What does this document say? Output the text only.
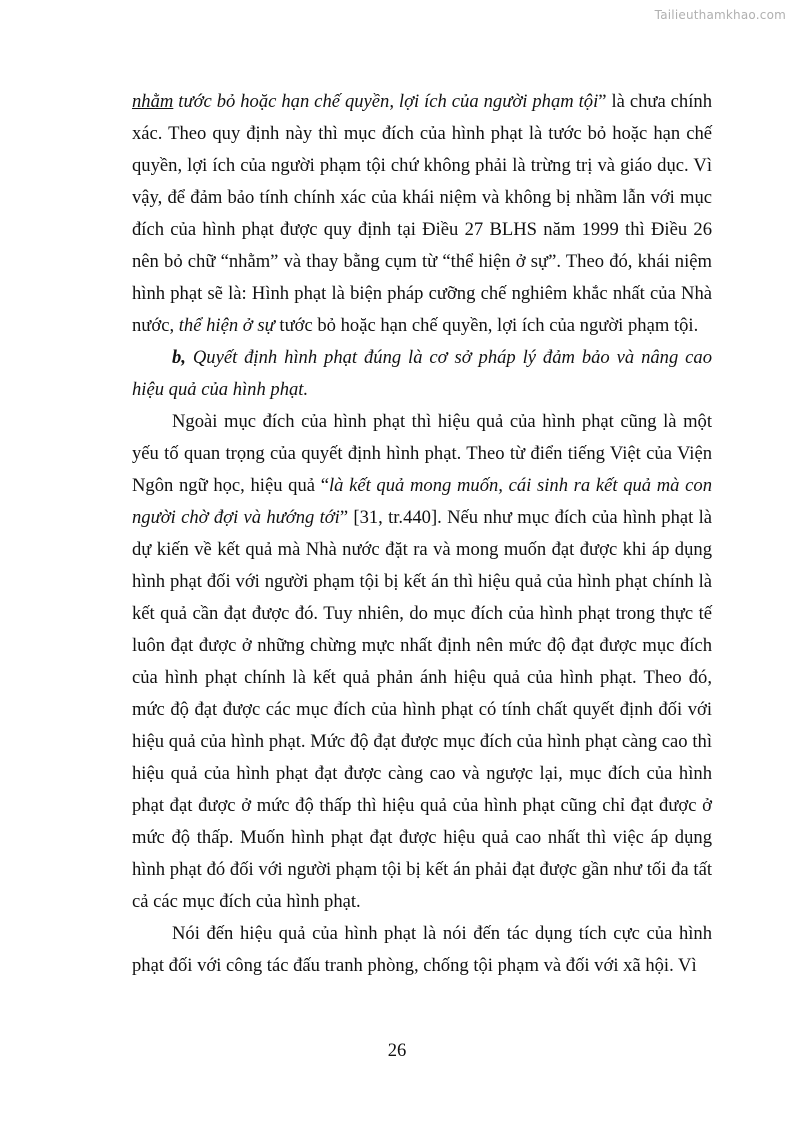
Tailieuthamkhao.com

nhằm tước bỏ hoặc hạn chế quyền, lợi ích của người phạm tội” là chưa chính xác. Theo quy định này thì mục đích của hình phạt là tước bỏ hoặc hạn chế quyền, lợi ích của người phạm tội chứ không phải là trừng trị và giáo dục. Vì vậy, để đảm bảo tính chính xác của khái niệm và không bị nhầm lẫn với mục đích của hình phạt được quy định tại Điều 27 BLHS năm 1999 thì Điều 26 nên bỏ chữ “nhằm” và thay bằng cụm từ “thể hiện ở sự”. Theo đó, khái niệm hình phạt sẽ là: Hình phạt là biện pháp cưỡng chế nghiêm khắc nhất của Nhà nước, thể hiện ở sự tước bỏ hoặc hạn chế quyền, lợi ích của người phạm tội.

b, Quyết định hình phạt đúng là cơ sở pháp lý đảm bảo và nâng cao hiệu quả của hình phạt.

Ngoài mục đích của hình phạt thì hiệu quả của hình phạt cũng là một yếu tố quan trọng của quyết định hình phạt. Theo từ điển tiếng Việt của Viện Ngôn ngữ học, hiệu quả “là kết quả mong muốn, cái sinh ra kết quả mà con người chờ đợi và hướng tới” [31, tr.440]. Nếu như mục đích của hình phạt là dự kiến về kết quả mà Nhà nước đặt ra và mong muốn đạt được khi áp dụng hình phạt đối với người phạm tội bị kết án thì hiệu quả của hình phạt chính là kết quả cần đạt được đó. Tuy nhiên, do mục đích của hình phạt trong thực tế luôn đạt được ở những chừng mực nhất định nên mức độ đạt được mục đích của hình phạt chính là kết quả phản ánh hiệu quả của hình phạt. Theo đó, mức độ đạt được các mục đích của hình phạt có tính chất quyết định đối với hiệu quả của hình phạt. Mức độ đạt được mục đích của hình phạt càng cao thì hiệu quả của hình phạt đạt được càng cao và ngược lại, mục đích của hình phạt đạt được ở mức độ thấp thì hiệu quả của hình phạt cũng chỉ đạt được ở mức độ thấp. Muốn hình phạt đạt được hiệu quả cao nhất thì việc áp dụng hình phạt đó đối với người phạm tội bị kết án phải đạt được gần như tối đa tất cả các mục đích của hình phạt.

Nói đến hiệu quả của hình phạt là nói đến tác dụng tích cực của hình phạt đối với công tác đấu tranh phòng, chống tội phạm và đối với xã hội. Vì

26
